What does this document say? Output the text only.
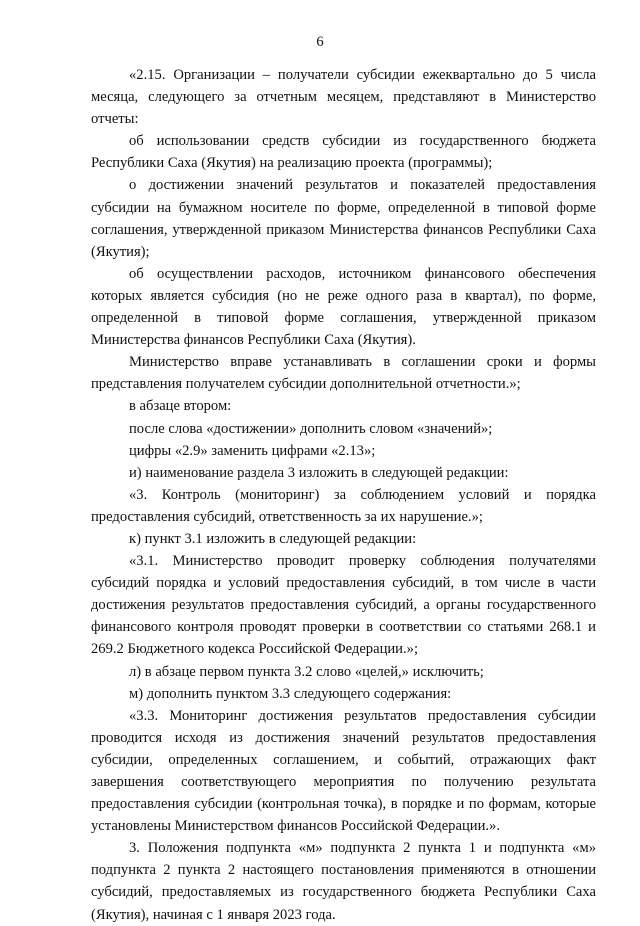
6

«2.15. Организации – получатели субсидии ежеквартально до 5 числа месяца, следующего за отчетным месяцем, представляют в Министерство отчеты:

об использовании средств субсидии из государственного бюджета Республики Саха (Якутия) на реализацию проекта (программы);

о достижении значений результатов и показателей предоставления субсидии на бумажном носителе по форме, определенной в типовой форме соглашения, утвержденной приказом Министерства финансов Республики Саха (Якутия);

об осуществлении расходов, источником финансового обеспечения которых является субсидия (но не реже одного раза в квартал), по форме, определенной в типовой форме соглашения, утвержденной приказом Министерства финансов Республики Саха (Якутия).

Министерство вправе устанавливать в соглашении сроки и формы представления получателем субсидии дополнительной отчетности.»;

в абзаце втором:

после слова «достижении» дополнить словом «значений»;

цифры «2.9» заменить цифрами «2.13»;

и) наименование раздела 3 изложить в следующей редакции:

«3. Контроль (мониторинг) за соблюдением условий и порядка предоставления субсидий, ответственность за их нарушение.»;

к) пункт 3.1 изложить в следующей редакции:

«3.1. Министерство проводит проверку соблюдения получателями субсидий порядка и условий предоставления субсидий, в том числе в части достижения результатов предоставления субсидий, а органы государственного финансового контроля проводят проверки в соответствии со статьями 268.1 и 269.2 Бюджетного кодекса Российской Федерации.»;

л) в абзаце первом пункта 3.2 слово «целей,» исключить;

м) дополнить пунктом 3.3 следующего содержания:

«3.3. Мониторинг достижения результатов предоставления субсидии проводится исходя из достижения значений результатов предоставления субсидии, определенных соглашением, и событий, отражающих факт завершения соответствующего мероприятия по получению результата предоставления субсидии (контрольная точка), в порядке и по формам, которые установлены Министерством финансов Российской Федерации.».

3. Положения подпункта «м» подпункта 2 пункта 1 и подпункта «м» подпункта 2 пункта 2 настоящего постановления применяются в отношении субсидий, предоставляемых из государственного бюджета Республики Саха (Якутия), начиная с 1 января 2023 года.
